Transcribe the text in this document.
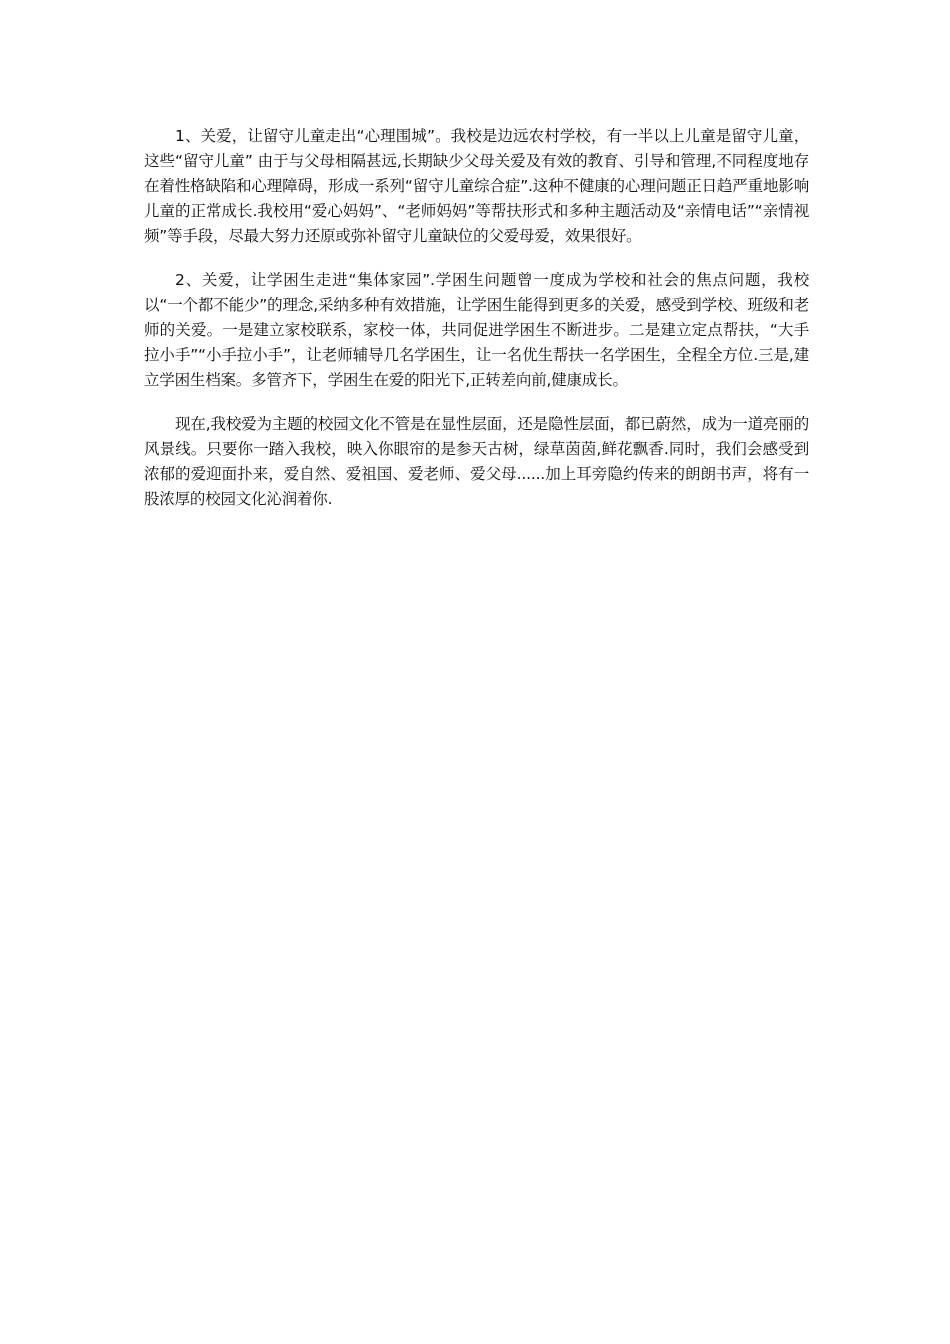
1、关爱，让留守儿童走出“心理围城”。我校是边远农村学校，有一半以上儿童是留守儿童，这些“留守儿童” 由于与父母相隔甚远,长期缺少父母关爱及有效的教育、引导和管理,不同程度地存在着性格缺陷和心理障碍，形成一系列“留守儿童综合症”.这种不健康的心理问题正日趋严重地影响儿童的正常成长.我校用“爱心妈妈”、“老师妈妈”等帮扶形式和多种主题活动及“亲情电话”“亲情视频”等手段，尽最大努力还原或弥补留守儿童缺位的父爱母爱，效果很好。

2、关爱，让学困生走进“集体家园”.学困生问题曾一度成为学校和社会的焦点问题，我校以“一个都不能少”的理念,采纳多种有效措施，让学困生能得到更多的关爱，感受到学校、班级和老师的关爱。一是建立家校联系，家校一体，共同促进学困生不断进步。二是建立定点帮扶，“大手拉小手”“小手拉小手”，让老师辅导几名学困生，让一名优生帮扶一名学困生，全程全方位.三是,建立学困生档案。多管齐下，学困生在爱的阳光下,正转差向前,健康成长。

现在,我校爱为主题的校园文化不管是在显性层面，还是隐性层面，都已蔚然，成为一道亮丽的风景线。只要你一踏入我校，映入你眼帘的是参天古树，绿草茵茵,鲜花飘香.同时，我们会感受到浓郁的爱迎面扑来，爱自然、爱祖国、爱老师、爱父母......加上耳旁隐约传来的朗朗书声，将有一股浓厚的校园文化沁润着你.
